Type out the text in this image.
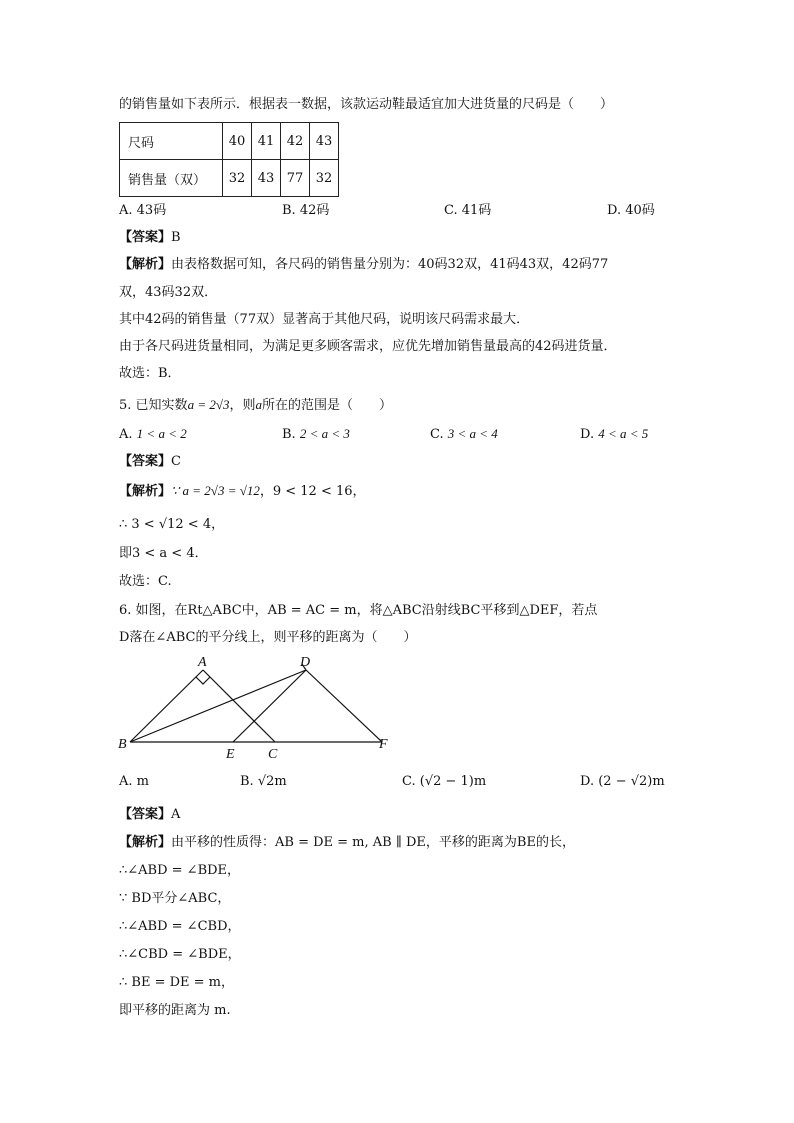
的销售量如下表所示．根据表一数据，该款运动鞋最适宜加大进货量的尺码是（　　）
尺码	40	41	42	43
销售量（双）	32	43	77	32
A. 43码	B. 42码	C. 41码	D. 40码
【答案】B
【解析】由表格数据可知，各尺码的销售量分别为：40码32双，41码43双，42码77
双，43码32双．
其中42码的销售量（77双）显著高于其他尺码，说明该尺码需求最大．
由于各尺码进货量相同，为满足更多顾客需求，应优先增加销售量最高的42码进货量．
故选：B．
5. 已知实数a = 2√3，则a所在的范围是（　　）
A. 1 < a < 2	B. 2 < a < 3	C. 3 < a < 4	D. 4 < a < 5
【答案】C
【解析】∵ a = 2√3 = √12，9 < 12 < 16，
∴ 3 < √12 < 4，
即3 < a < 4．
故选：C.
6. 如图，在Rt△ABC中，AB = AC = m，将△ABC沿射线BC平移到△DEF，若点
D落在∠ABC的平分线上，则平移的距离为（　　）
A
B
C
D
E
F
A. m	B. √2m	C. (√2 − 1)m	D. (2 − √2)m
【答案】A
【解析】由平移的性质得：AB = DE = m, AB ∥ DE，平移的距离为BE的长，
∴∠ABD = ∠BDE，
∵ BD平分∠ABC，
∴∠ABD = ∠CBD，
∴∠CBD = ∠BDE，
∴ BE = DE = m，
即平移的距离为 m.
